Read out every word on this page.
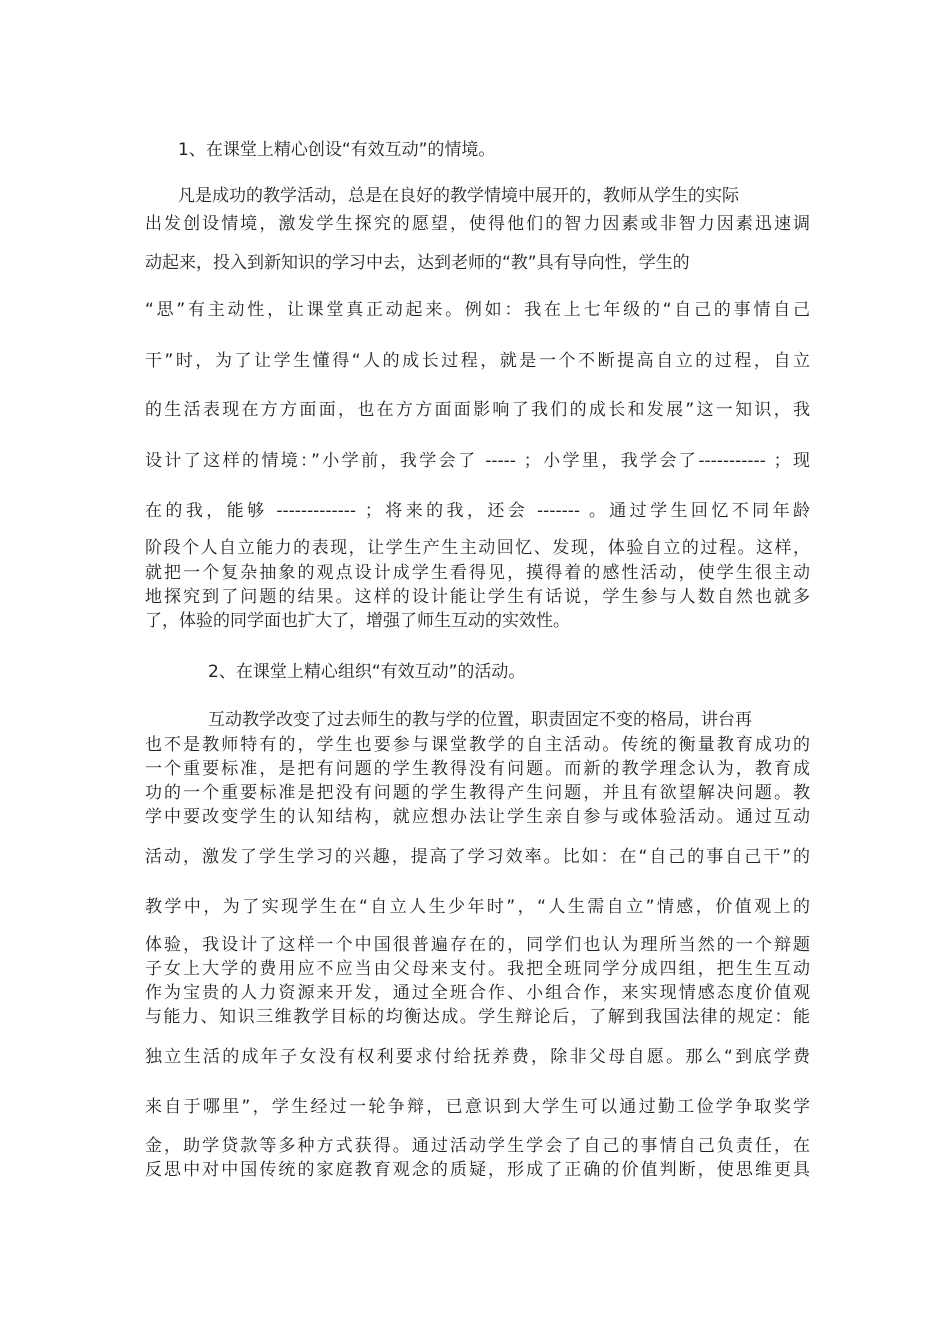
1、在课堂上精心创设“有效互动”的情境。
凡是成功的教学活动，总是在良好的教学情境中展开的，教师从学生的实际
出发创设情境，激发学生探究的愿望，使得他们的智力因素或非智力因素迅速调
动起来，投入到新知识的学习中去，达到老师的“教”具有导向性，学生的
“思”有主动性，让课堂真正动起来。例如：我在上七年级的“自己的事情自己
干”时，为了让学生懂得“人的成长过程，就是一个不断提高自立的过程，自立
的生活表现在方方面面，也在方方面面影响了我们的成长和发展”这一知识，我
设计了这样的情境：”小学前，我学会了 ----- ；小学里，我学会了----------- ；现
在的我，能够 ------------- ；将来的我，还会 ------- 。通过学生回忆不同年龄
阶段个人自立能力的表现，让学生产生主动回忆、发现，体验自立的过程。这样，
就把一个复杂抽象的观点设计成学生看得见，摸得着的感性活动，使学生很主动
地探究到了问题的结果。这样的设计能让学生有话说，学生参与人数自然也就多
了，体验的同学面也扩大了，增强了师生互动的实效性。
2、在课堂上精心组织“有效互动”的活动。
互动教学改变了过去师生的教与学的位置，职责固定不变的格局，讲台再
也不是教师特有的，学生也要参与课堂教学的自主活动。传统的衡量教育成功的
一个重要标准，是把有问题的学生教得没有问题。而新的教学理念认为，教育成
功的一个重要标准是把没有问题的学生教得产生问题，并且有欲望解决问题。教
学中要改变学生的认知结构，就应想办法让学生亲自参与或体验活动。通过互动
活动，激发了学生学习的兴趣，提高了学习效率。比如：在“自己的事自己干”的
教学中，为了实现学生在“自立人生少年时”，“人生需自立”情感，价值观上的
体验，我设计了这样一个中国很普遍存在的，同学们也认为理所当然的一个辩题
子女上大学的费用应不应当由父母来支付。我把全班同学分成四组，把生生互动
作为宝贵的人力资源来开发，通过全班合作、小组合作，来实现情感态度价值观
与能力、知识三维教学目标的均衡达成。学生辩论后，了解到我国法律的规定：能
独立生活的成年子女没有权利要求付给抚养费，除非父母自愿。那么“到底学费
来自于哪里”，学生经过一轮争辩，已意识到大学生可以通过勤工俭学争取奖学
金，助学贷款等多种方式获得。通过活动学生学会了自己的事情自己负责任，在
反思中对中国传统的家庭教育观念的质疑，形成了正确的价值判断，使思维更具
